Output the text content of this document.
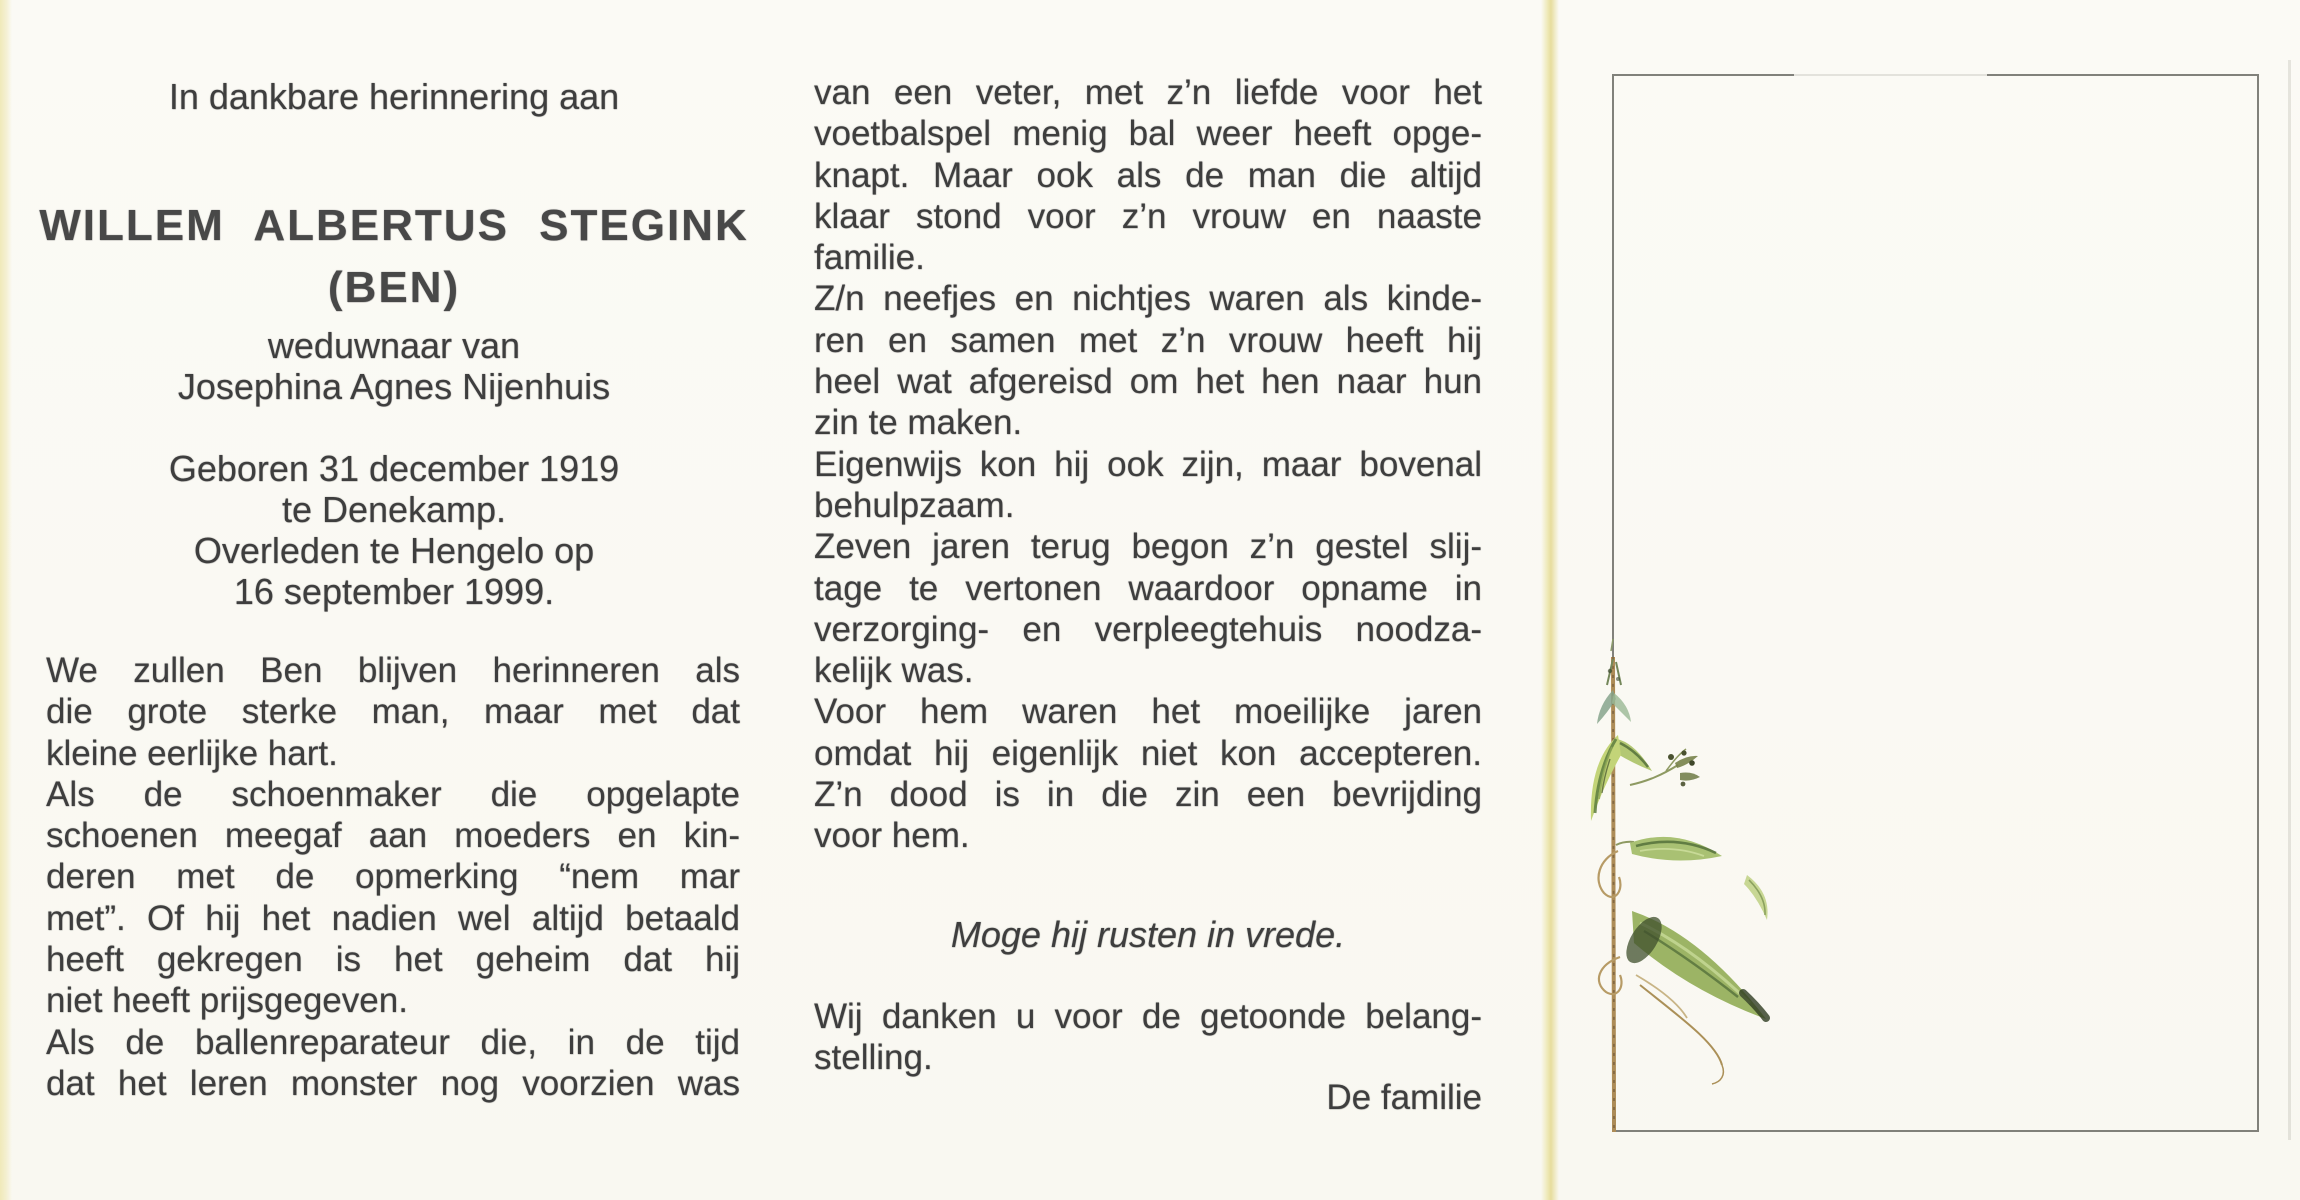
In dankbare herinnering aan
WILLEM ALBERTUS STEGINK
(BEN)
weduwnaar van
Josephina Agnes Nijenhuis
Geboren 31 december 1919
te Denekamp.
Overleden te Hengelo op
16 september 1999.
We zullen Ben blijven herinneren als
die grote sterke man, maar met dat
kleine eerlijke hart.
Als de schoenmaker die opgelapte
schoenen meegaf aan moeders en kin-
deren met de opmerking “nem mar
met”. Of hij het nadien wel altijd betaald
heeft gekregen is het geheim dat hij
niet heeft prijsgegeven.
Als de ballenreparateur die, in de tijd
dat het leren monster nog voorzien was
van een veter, met z’n liefde voor het
voetbalspel menig bal weer heeft opge-
knapt. Maar ook als de man die altijd
klaar stond voor z’n vrouw en naaste
familie.
Z/n neefjes en nichtjes waren als kinde-
ren en samen met z’n vrouw heeft hij
heel wat afgereisd om het hen naar hun
zin te maken.
Eigenwijs kon hij ook zijn, maar bovenal
behulpzaam.
Zeven jaren terug begon z’n gestel slij-
tage te vertonen waardoor opname in
verzorging- en verpleegtehuis noodza-
kelijk was.
Voor hem waren het moeilijke jaren
omdat hij eigenlijk niet kon accepteren.
Z’n dood is in die zin een bevrijding
voor hem.
Moge hij rusten in vrede.
Wij danken u voor de getoonde belang-
stelling.
De familie
